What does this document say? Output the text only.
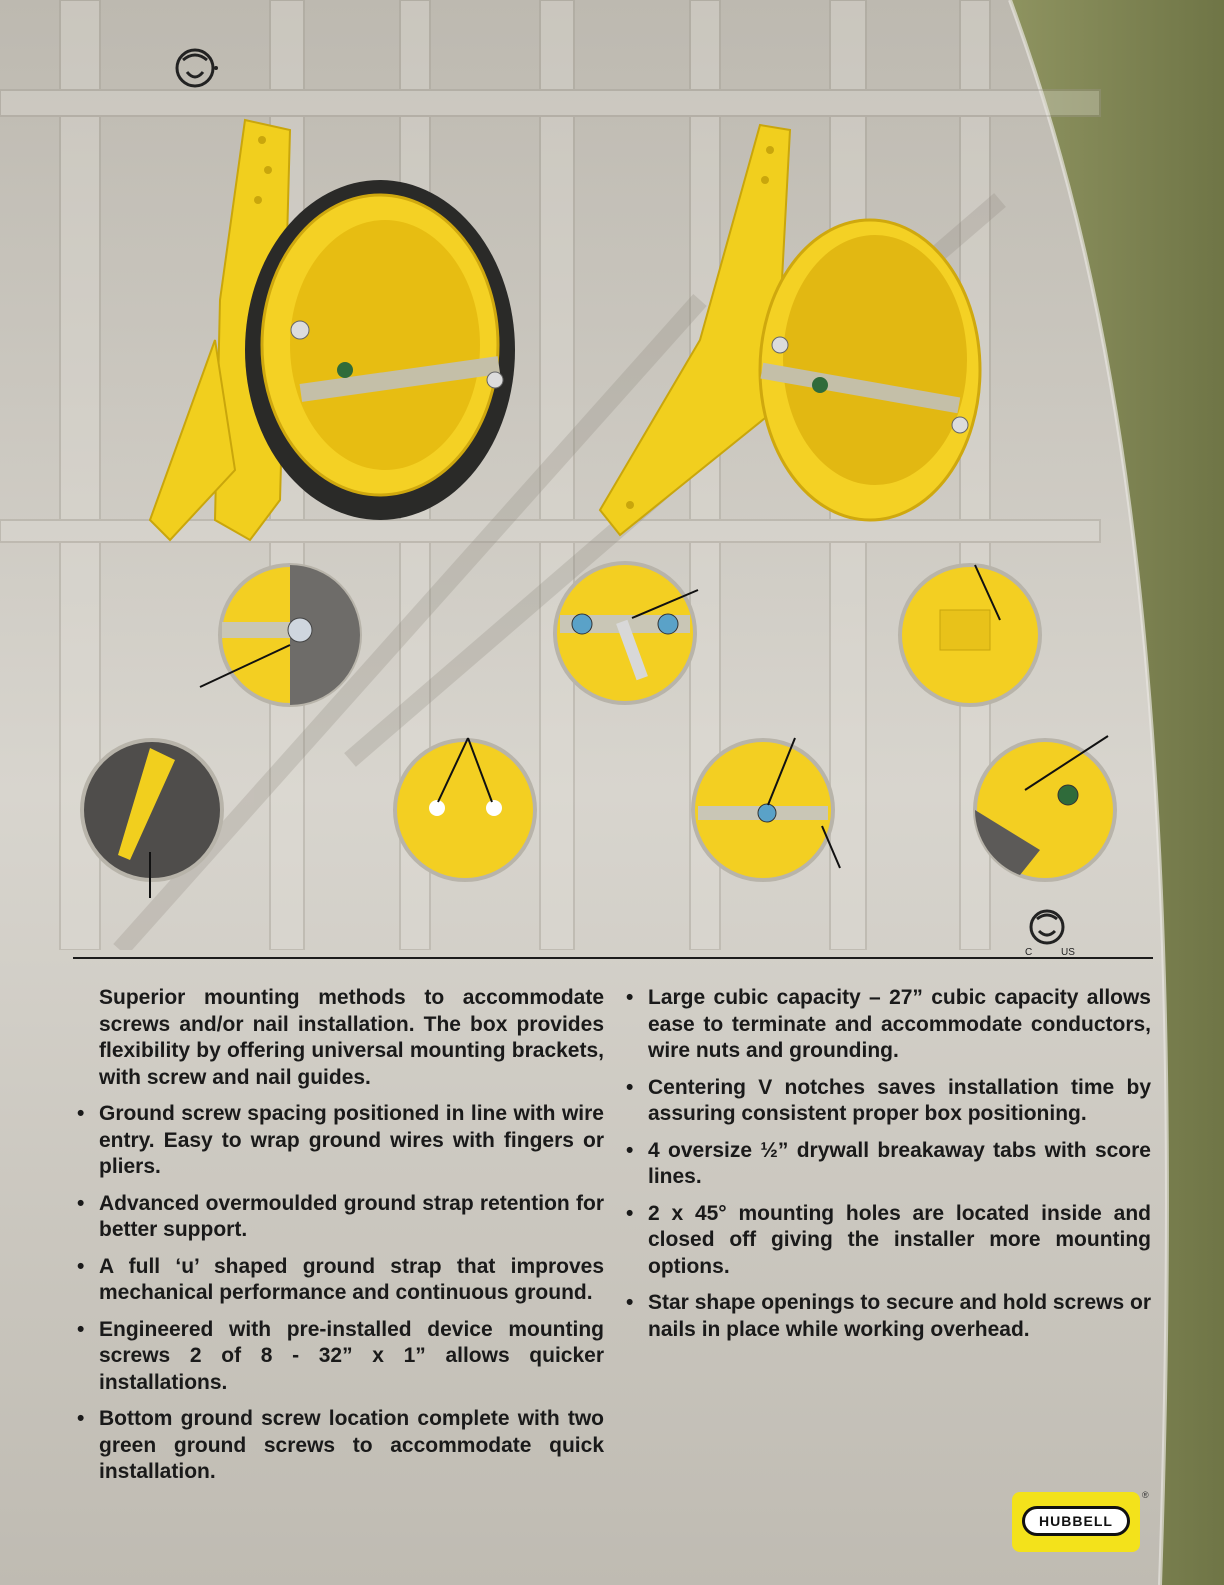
C	US
Superior mounting methods to accommodate screws and/or nail installation. The box provides flexibility by offering universal mounting brackets, with screw and nail guides.
• Ground screw spacing positioned in line with wire entry. Easy to wrap ground wires with fingers or pliers.
• Advanced overmoulded ground strap retention for better support.
• A full ‘u’ shaped ground strap that improves mechanical performance and continuous ground.
• Engineered with pre-installed device mounting screws 2 of 8 - 32” x 1” allows quicker installations.
• Bottom ground screw location complete with two green ground screws to accommodate quick installation.
• Large cubic capacity – 27” cubic capacity allows ease to terminate and accommodate conductors, wire nuts and grounding.
• Centering V notches saves installation time by assuring consistent proper box positioning.
• 4 oversize ½” drywall breakaway tabs with score lines.
• 2 x 45° mounting holes are located inside and closed off giving the installer more mounting options.
• Star shape openings to secure and hold screws or nails in place while working overhead.
HUBBELL
®
